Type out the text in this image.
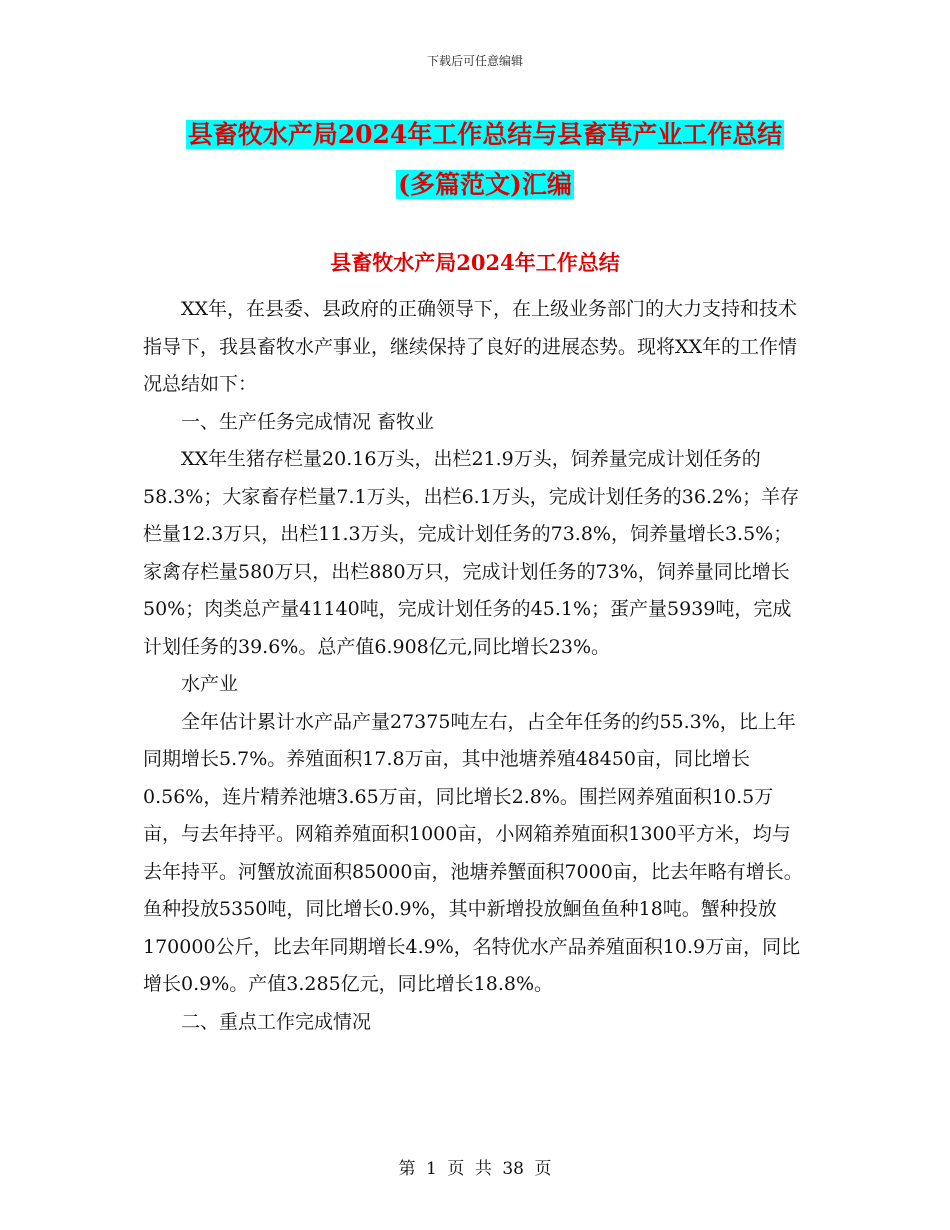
下载后可任意编辑
县畜牧水产局2024年工作总结与县畜草产业工作总结
(多篇范文)汇编
县畜牧水产局2024年工作总结

XX年，在县委、县政府的正确领导下，在上级业务部门的大力支持和技术指导下，我县畜牧水产事业，继续保持了良好的进展态势。现将XX年的工作情况总结如下：

一、生产任务完成情况 畜牧业

XX年生猪存栏量20.16万头，出栏21.9万头，饲养量完成计划任务的58.3%；大家畜存栏量7.1万头，出栏6.1万头，完成计划任务的36.2%；羊存栏量12.3万只，出栏11.3万头，完成计划任务的73.8%，饲养量增长3.5%；家禽存栏量580万只，出栏880万只，完成计划任务的73%，饲养量同比增长50%；肉类总产量41140吨，完成计划任务的45.1%；蛋产量5939吨，完成计划任务的39.6%。总产值6.908亿元,同比增长23%。

水产业

全年估计累计水产品产量27375吨左右，占全年任务的约55.3%，比上年同期增长5.7%。养殖面积17.8万亩，其中池塘养殖48450亩，同比增长0.56%，连片精养池塘3.65万亩，同比增长2.8%。围拦网养殖面积10.5万亩，与去年持平。网箱养殖面积1000亩，小网箱养殖面积1300平方米，均与去年持平。河蟹放流面积85000亩，池塘养蟹面积7000亩，比去年略有增长。鱼种投放5350吨，同比增长0.9%，其中新增投放鮰鱼鱼种18吨。蟹种投放170000公斤，比去年同期增长4.9%，名特优水产品养殖面积10.9万亩，同比增长0.9%。产值3.285亿元，同比增长18.8%。

二、重点工作完成情况

第 1 页 共 38 页
